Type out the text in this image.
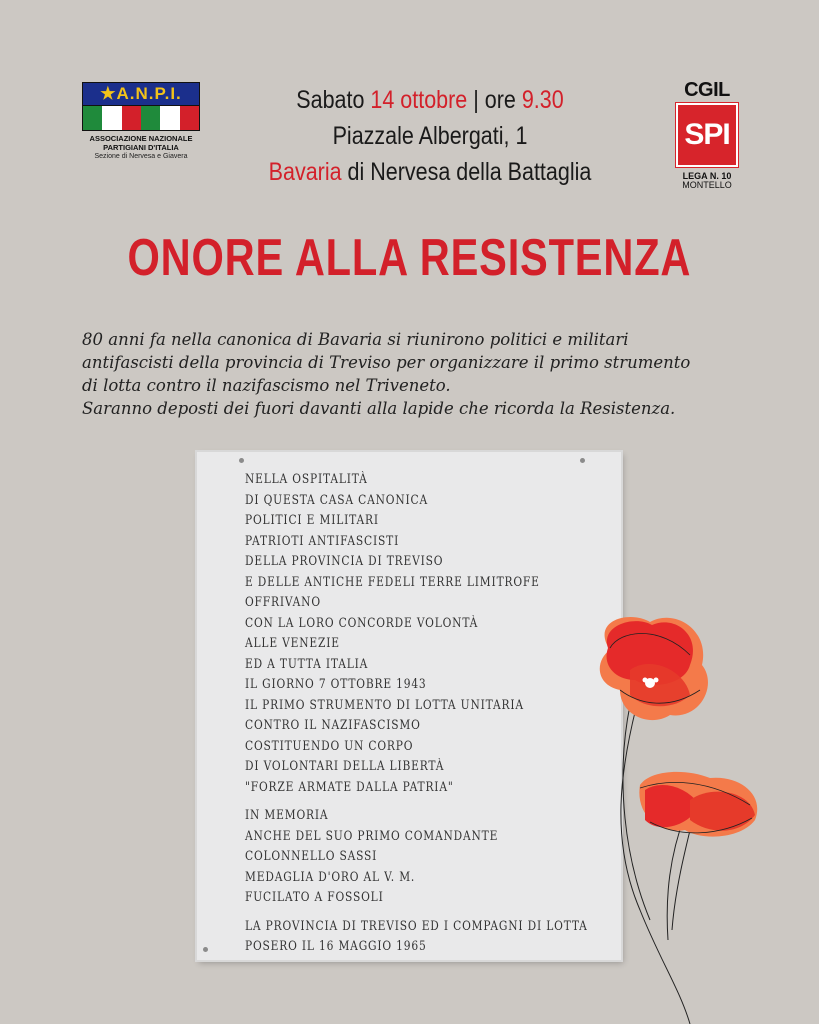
★A.N.P.I.
ASSOCIAZIONE NAZIONALE
PARTIGIANI D'ITALIA
Sezione di Nervesa e Giavera
Sabato 14 ottobre | ore 9.30
Piazzale Albergati, 1
Bavaria di Nervesa della Battaglia
CGIL
SPI
LEGA N. 10
MONTELLO
ONORE ALLA RESISTENZA

80 anni fa nella canonica di Bavaria si riunirono politici e militari

antifascisti della provincia di Treviso per organizzare il primo strumento

di lotta contro il nazifascismo nel Triveneto.

Saranno deposti dei fuori davanti alla lapide che ricorda la Resistenza.

NELLA OSPITALITÀ
DI QUESTA CASA CANONICA
POLITICI E MILITARI
PATRIOTI ANTIFASCISTI
DELLA PROVINCIA DI TREVISO
E DELLE ANTICHE FEDELI TERRE LIMITROFE
OFFRIVANO
CON LA LORO CONCORDE VOLONTÀ
ALLE VENEZIE
ED A TUTTA ITALIA
IL GIORNO 7 OTTOBRE 1943
IL PRIMO STRUMENTO DI LOTTA UNITARIA
CONTRO IL NAZIFASCISMO
COSTITUENDO UN CORPO
DI VOLONTARI DELLA LIBERTÀ
"FORZE ARMATE DALLA PATRIA"
IN MEMORIA
ANCHE DEL SUO PRIMO COMANDANTE
COLONNELLO SASSI
MEDAGLIA D'ORO AL V. M.
FUCILATO A FOSSOLI
LA PROVINCIA DI TREVISO ED I COMPAGNI DI LOTTA
POSERO IL 16 MAGGIO 1965
